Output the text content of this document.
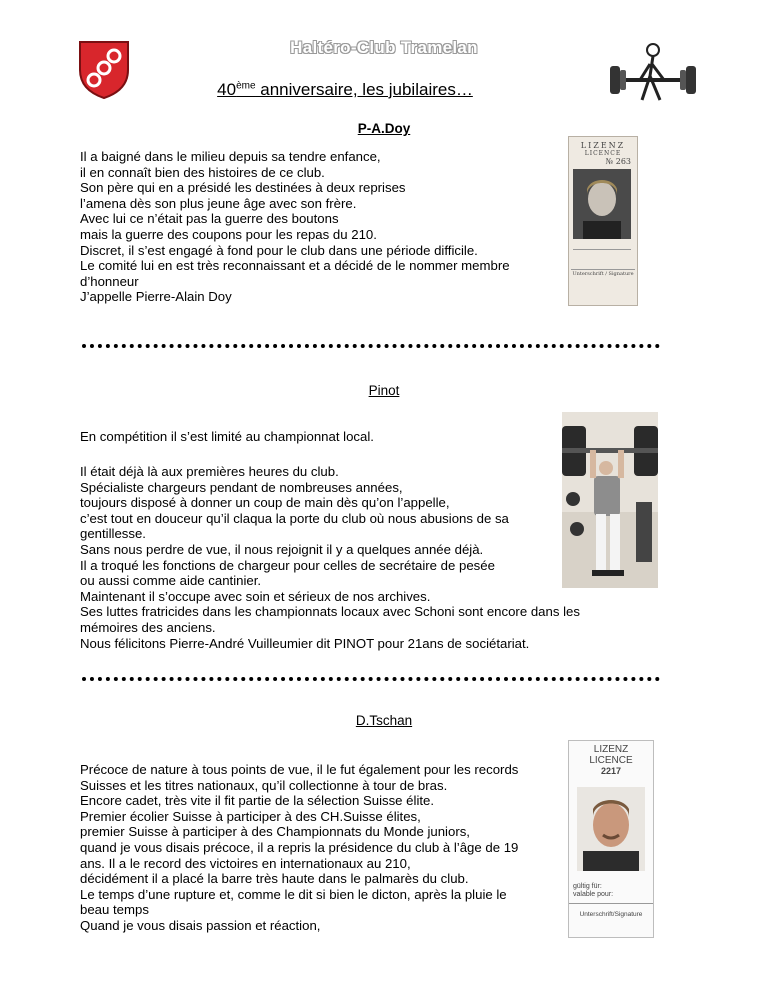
Haltéro-Club Tramelan
40ème anniversaire, les jubilaires…
P-A.Doy
Il a baigné dans le milieu depuis sa tendre enfance,
il en connaît bien des histoires de ce club.
Son père qui en a présidé les destinées à deux reprises
l’amena dès son plus jeune âge avec son frère.
Avec lui ce n’était pas la guerre des boutons
mais la guerre des coupons pour les repas du 210.
Discret, il s’est engagé à fond pour le club dans une période difficile.
Le comité lui en est très reconnaissant et a décidé de le nommer membre
d’honneur
J’appelle Pierre-Alain Doy
LIZENZ
LICENCE
№ 263
Unterschrift / Signature
Pinot
En compétition il s’est limité au championnat local.
Il était déjà là aux premières heures du club.
Spécialiste chargeurs pendant de nombreuses années,
toujours disposé à donner un coup de main dès qu’on l’appelle,
c’est tout en douceur qu’il claqua la porte du club où nous abusions de sa
gentillesse.
Sans nous perdre de vue, il nous rejoignit il y a quelques année déjà.
Il a troqué les fonctions de chargeur pour celles de secrétaire de pesée
ou aussi comme aide cantinier.
Maintenant il s’occupe avec soin et sérieux de nos archives.
Ses luttes fratricides dans les championnats locaux avec Schoni sont encore dans les
mémoires des anciens.
Nous félicitons Pierre-André Vuilleumier dit PINOT pour 21ans de sociétariat.
D.Tschan
Précoce de nature à tous points de vue, il le fut également pour les records
Suisses et les titres nationaux, qu’il collectionne à tour de bras.
Encore cadet, très vite il fit partie de la sélection Suisse élite.
Premier écolier Suisse à participer à des CH.Suisse élites,
premier Suisse à participer à des Championnats du Monde juniors,
quand je vous disais précoce, il a repris la présidence du club à l’âge de 19
ans. Il a le record des victoires en internationaux au 210,
décidément il a placé la barre très haute dans le palmarès du club.
Le temps d’une rupture et, comme le dit si bien le dicton, après la pluie le
beau temps
Quand je vous disais passion et réaction,
LIZENZ
LICENCE
2217
gültig für:
valable pour:
Unterschrift/Signature
